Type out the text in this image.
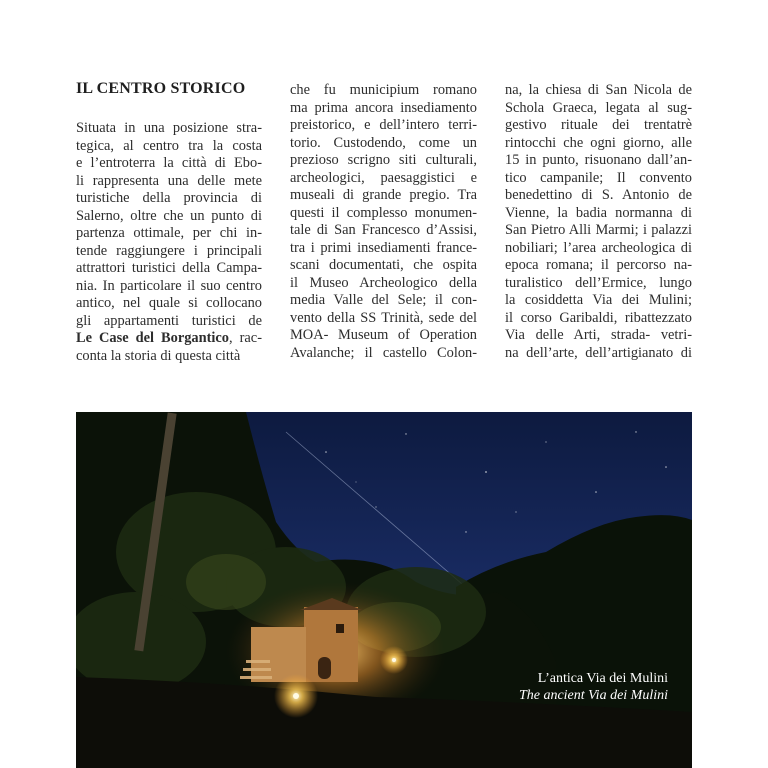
IL CENTRO STORICO
Situata in una posizione stra-
tegica, al centro tra la costa
e l’entroterra la città di Ebo-
li rappresenta una delle mete
turistiche della provincia di
Salerno, oltre che un punto di
partenza ottimale, per chi in-
tende raggiungere i principali
attrattori turistici della Campa-
nia. In particolare il suo centro
antico, nel quale si collocano
gli appartamenti turistici de
Le Case del Borgantico, rac-
conta la storia di questa città
che fu municipium romano
ma prima ancora insediamento
preistorico, e dell’intero terri-
torio. Custodendo, come un
prezioso scrigno siti culturali,
archeologici, paesaggistici e
museali di grande pregio. Tra
questi il complesso monumen-
tale di San Francesco d’Assisi,
tra i primi insediamenti france-
scani documentati, che ospita
il Museo Archeologico della
media Valle del Sele; il con-
vento della SS Trinità, sede del
MOA- Museum of Operation
Avalanche; il castello Colon-
na, la chiesa di San Nicola de
Schola Graeca, legata al sug-
gestivo rituale dei trentatrè
rintocchi che ogni giorno, alle
15 in punto, risuonano dall’an-
tico campanile; Il convento
benedettino di S. Antonio de
Vienne, la badia normanna di
San Pietro Alli Marmi; i palazzi
nobiliari; l’area archeologica di
epoca romana; il percorso na-
turalistico dell’Ermice, lungo
la cosiddetta Via dei Mulini;
il corso Garibaldi, ribattezzato
Via delle Arti, strada- vetri-
na dell’arte, dell’artigianato di
L’antica Via dei Mulini
The ancient Via dei Mulini
